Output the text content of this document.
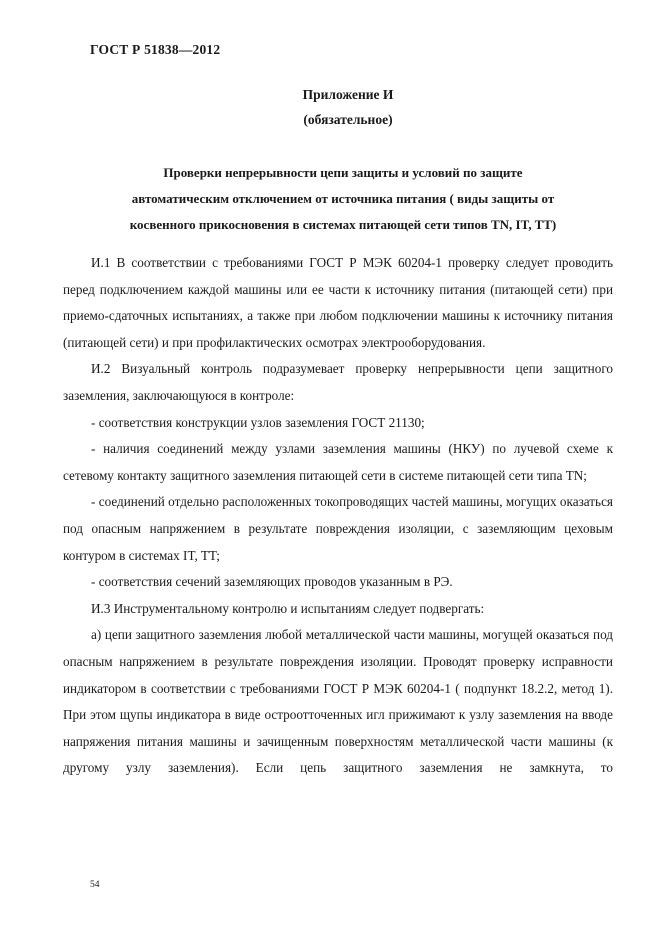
ГОСТ Р 51838—2012
Приложение И
(обязательное)
Проверки непрерывности цепи защиты и условий по защите
автоматическим отключением от источника питания ( виды защиты от
косвенного прикосновения в системах питающей сети типов TN, IT, TT)

И.1 В соответствии с требованиями ГОСТ Р МЭК 60204-1 проверку следует проводить перед подключением каждой машины или ее части к источнику питания (питающей сети) при приемо-сдаточных испытаниях, а также при любом подключении машины к источнику питания (питающей сети) и при профилактических осмотрах электрооборудования.

И.2 Визуальный контроль подразумевает проверку непрерывности цепи защитного заземления, заключающуюся в контроле:

- соответствия конструкции узлов заземления ГОСТ 21130;

- наличия соединений между узлами заземления машины (НКУ) по лучевой схеме к сетевому контакту защитного заземления питающей сети в системе питающей сети типа TN;

- соединений отдельно расположенных токопроводящих частей машины, могущих оказаться под опасным напряжением в результате повреждения изоляции, с заземляющим цеховым контуром в системах IT, TT;

- соответствия сечений заземляющих проводов указанным в РЭ.

И.3 Инструментальному контролю и испытаниям следует подвергать:

а) цепи защитного заземления любой металлической части машины, могущей оказаться под опасным напряжением в результате повреждения изоляции. Проводят проверку исправности индикатором в соответствии с требованиями ГОСТ Р МЭК 60204-1 ( подпункт 18.2.2, метод 1). При этом щупы индикатора в виде остроотточенных игл прижимают к узлу заземления на вводе напряжения питания машины и зачищенным поверхностям металлической части машины (к другому узлу заземления). Если цепь защитного заземления не замкнута, то

54
